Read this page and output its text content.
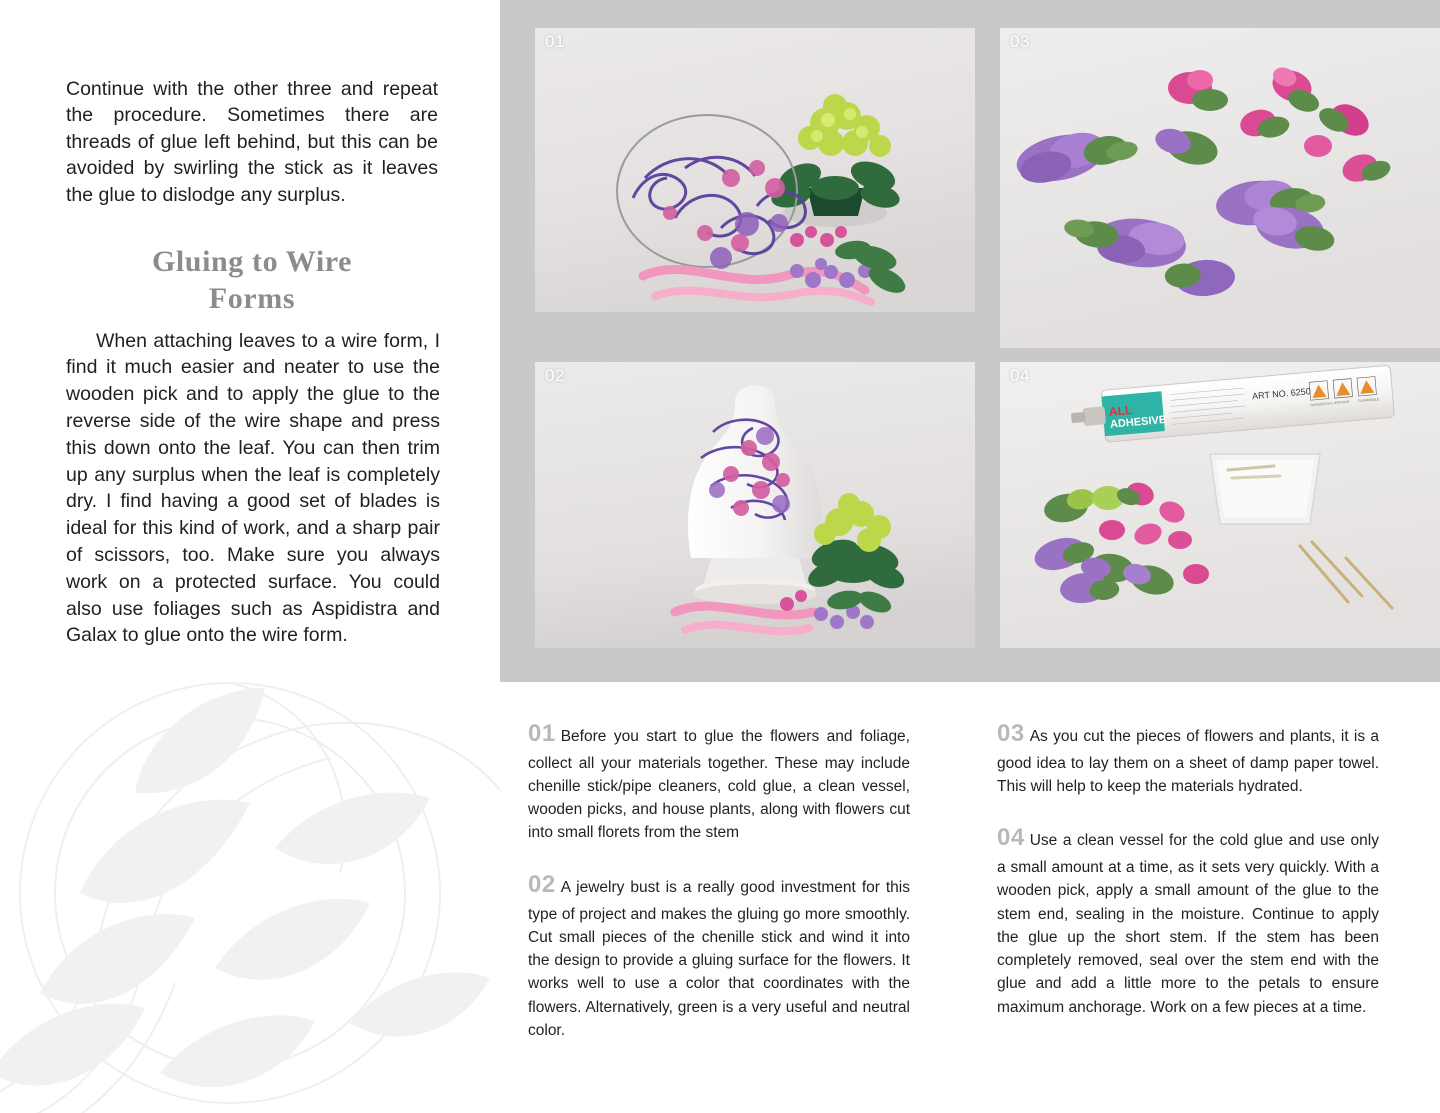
Continue with the other three and repeat the procedure. Sometimes there are threads of glue left behind, but this can be avoided by swirling the stick as it leaves the glue to dislodge any surplus.

Gluing to Wire
Forms

When attaching leaves to a wire form, I find it much easier and neater to use the wooden pick and to apply the glue to the reverse side of the wire shape and press this down onto the leaf. You can then trim up any surplus when the leaf is completely dry. I find having a good set of blades is ideal for this kind of work, and a sharp pair of scissors, too. Make sure you always work on a protected surface. You could also use foliages such as Aspidistra and Galax to glue onto the wire form.

01
02
03
04
ALL
ADHESIVE
ART NO. 6250
DANGEROUS IRRITANT FLAMMABLE

01 Before you start to glue the flowers and foliage, collect all your materials together. These may include chenille stick/pipe cleaners, cold glue, a clean vessel, wooden picks, and house plants, along with flowers cut into small florets from the stem

02 A jewelry bust is a really good investment for this type of project and makes the gluing go more smoothly. Cut small pieces of the chenille stick and wind it into the design to provide a gluing surface for the flowers. It works well to use a color that coordinates with the flowers. Alternatively, green is a very useful and neutral color.

03 As you cut the pieces of flowers and plants, it is a good idea to lay them on a sheet of damp paper towel. This will help to keep the materials hydrated.

04 Use a clean vessel for the cold glue and use only a small amount at a time, as it sets very quickly. With a wooden pick, apply a small amount of the glue to the stem end, sealing in the moisture. Continue to apply the glue up the short stem. If the stem has been completely removed, seal over the stem end with the glue and add a little more to the petals to ensure maximum anchorage. Work on a few pieces at a time.
